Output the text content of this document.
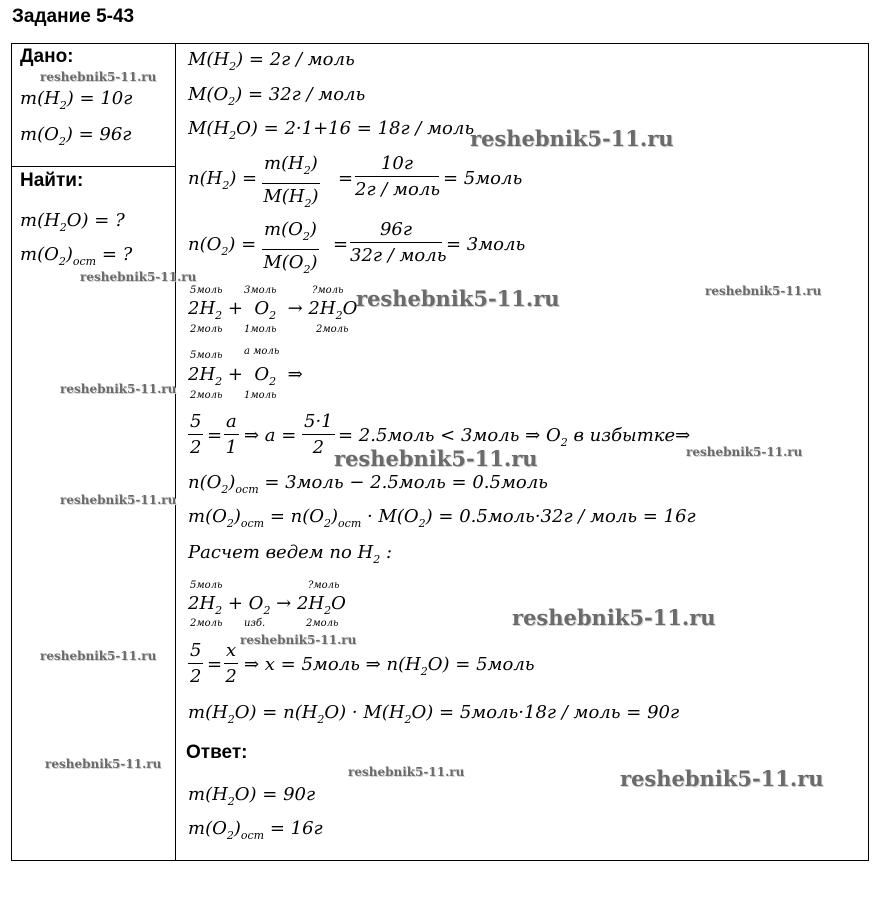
Задание 5-43
Дано:
$m(H_2) = 10г$
$m(O_2) = 96г$
Найти:
$m(H_2O)$ = ?
$m(O_2)_{ост}$ = ?
$M(H_2) = 2г$ / моль
$M(O_2) = 32г$ / моль
$M(H_2O) = 2\cdot 1+16 = 18г$ / моль
$n(H_2) = \frac{m(H_2)}{M(H_2)}$ =
10г
2г / моль
= 5моль
$n(O_2) = \frac{m(O_2)}{M(O_2)}$ =
96г
32г / моль
= 3моль
5моль 3моль	?моль
$2H_2 + O_2 \to 2H_2O$
2моль 1моль	2моль
5моль a моль
$2H_2 + O_2$  ⇒
2моль 1моль
$\frac{5}{2} = \frac{a}{1}$ ⇒ $a = \frac{5\cdot 1}{2}$ = 2.5моль < 3моль ⇒ $O_2$ в избытке⇒
$n(O_2)_{ост}$ = 3моль − 2.5моль = 0.5моль
$m(O_2)_{ост} = n(O_2)_{ост} \cdot M(O_2)$ = 0.5моль·32г / моль = 16г
Расчет ведем по $H_2$ :
5моль	?моль
$2H_2 + O_2 \to 2H_2O$
2моль изб.	2моль
$\frac{5}{2} = \frac{x}{2}$ ⇒ x = 5моль ⇒ $n(H_2O)$ = 5моль
$m(H_2O) = n(H_2O) \cdot M(H_2O)$ = 5моль·18г / моль = 90г
Ответ:
$m(H_2O) = 90г$
$m(O_2)_{ост} = 16г$
reshebnik5-11.ru
reshebnik5-11.ru
reshebnik5-11.ru
reshebnik5-11.ru	reshebnik5-11.ru
reshebnik5-11.ru
reshebnik5-11.ru	reshebnik5-11.ru
reshebnik5-11.ru
reshebnik5-11.ru
reshebnik5-11.ru
reshebnik5-11.ru
reshebnik5-11.ru
reshebnik5-11.ru	reshebnik5-11.ru
